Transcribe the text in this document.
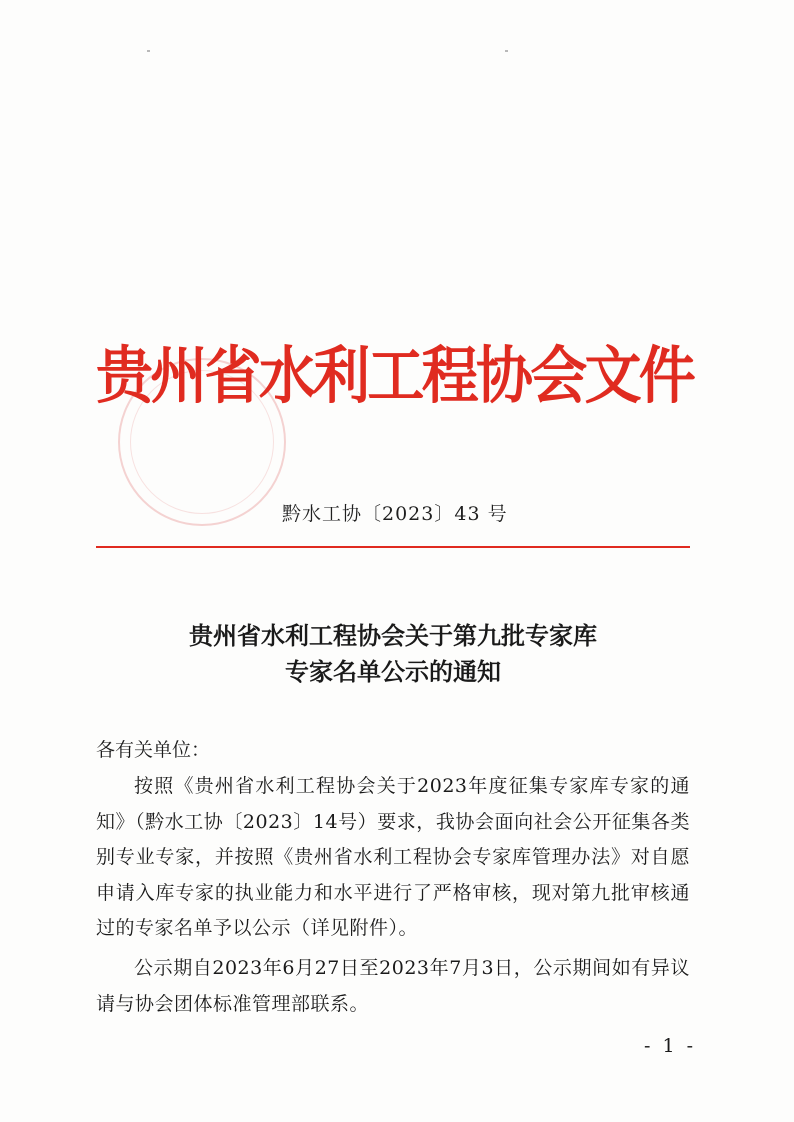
贵州省水利工程协会文件
黔水工协〔2023〕43 号
贵州省水利工程协会关于第九批专家库
专家名单公示的通知
各有关单位：

按照《贵州省水利工程协会关于2023年度征集专家库专家的通知》（黔水工协〔2023〕14号）要求，我协会面向社会公开征集各类别专业专家，并按照《贵州省水利工程协会专家库管理办法》对自愿申请入库专家的执业能力和水平进行了严格审核，现对第九批审核通过的专家名单予以公示（详见附件）。

公示期自2023年6月27日至2023年7月3日，公示期间如有异议请与协会团体标准管理部联系。

- 1 -
